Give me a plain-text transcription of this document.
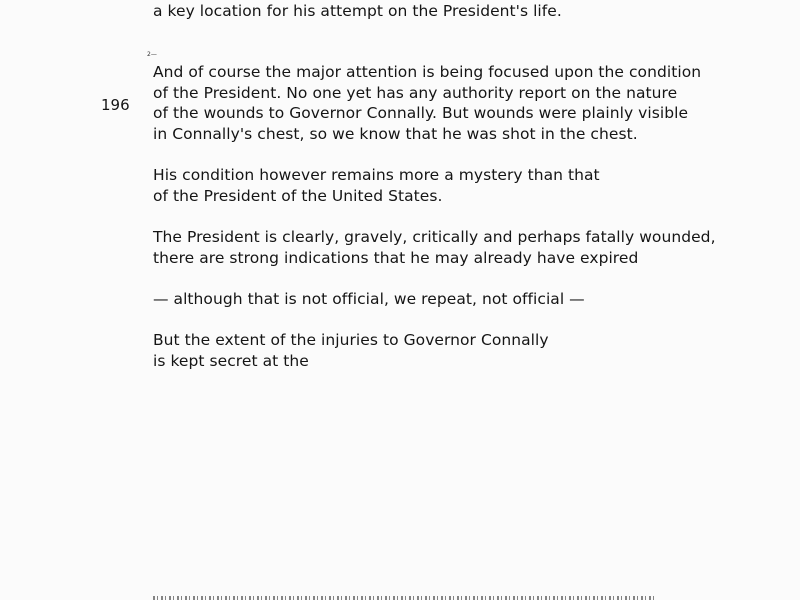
196
2—
a key location for his attempt on the President's life.
And of course the major attention is being focused upon the condition
of the President. No one yet has any authority report on the nature
of the wounds to Governor Connally. But wounds were plainly visible
in Connally's chest, so we know that he was shot in the chest.
His condition however remains more a mystery than that
of the President of the United States.
The President is clearly, gravely, critically and perhaps fatally wounded,
there are strong indications that he may already have expired
— although that is not official, we repeat, not official —
But the extent of the injuries to Governor Connally
is kept secret at the
